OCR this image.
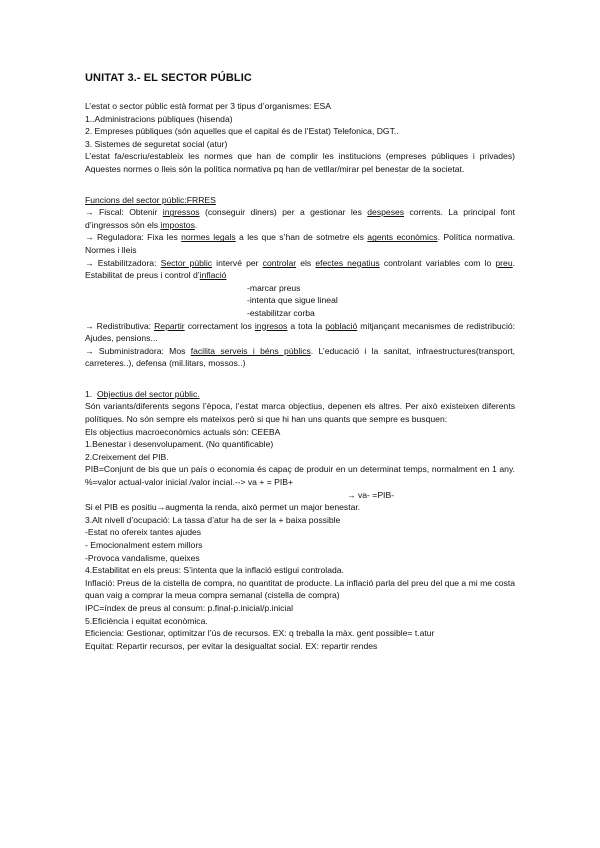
UNITAT 3.- EL SECTOR PÚBLIC

L’estat o sector públic està format per 3 tipus d’organismes: ESA

1..Administracions públiques (hisenda)

2. Empreses públiques (són aquelles que el capital és de l’Estat) Telefonica, DGT..

3. Sistemes de seguretat social (atur)

L’estat fa/escriu/estableix les normes que han de complir les institucions (empreses públiques i privades) Aquestes normes o lleis són la política normativa pq han de vetllar/mirar pel benestar de la societat.

Funcions del sector públic:FRRES

→ Fiscal: Obtenir ingressos (conseguir diners) per a gestionar les despeses corrents. La principal font d’ingressos són els impostos.

→ Reguladora: Fixa les normes legals a les que s’han de sotmetre els agents econòmics. Política normativa. Normes i lleis

→ Estabilitzadora: Sector públic intervé per controlar els efectes negatius controlant variables com lo preu. Estabilitat de preus i control d’inflació

-marcar preus

-intenta que sigue lineal

-estabilitzar corba

→ Redistributiva: Repartir correctament los ingresos a tota la població mitjançant mecanismes de redistribució: Ajudes, pensions...

→ Subministradora: Mos facilita serveis i béns públics. L’educació i la sanitat, infraestructures(transport, carreteres..), defensa (mil.litars, mossos..)

1. Objectius del sector públic.

Són variants/diferents segons l’època, l’estat marca objectius, depenen els altres. Per això existeixen diferents polítiques. No són sempre els mateixos però si que hi han uns quants que sempre es busquen:

Els objectius macroeconòmics actuals són: CEEBA

1.Benestar i desenvolupament. (No quantificable)

2.Creixement del PIB.

PIB=Conjunt de bis que un país o economia és capaç de produir en un determinat temps, normalment en 1 any. %=valor actual-valor inicial /valor incial.--> va + = PIB+

→ va- =PIB-

Si el PIB es positiu→augmenta la renda, això permet un major benestar.

3.Alt nivell d’ocupació: La tassa d’atur ha de ser la + baixa possible

-Estat no ofereix tantes ajudes

- Emocionalment estem millors

-Provoca vandalisme, queixes

4.Estabilitat en els preus: S’intenta que la inflació estigui controlada.

Inflació: Preus de la cistella de compra, no quantitat de producte. La inflació parla del preu del que a mi me costa quan vaig a comprar la meua compra semanal (cistella de compra)

IPC=índex de preus al consum: p.final-p.inicial/p.inicial

5.Eficiència i equitat econòmica.

Eficiencia: Gestionar, optimitzar l’ús de recursos. EX: q treballa la màx. gent possible= t.atur

Equitat: Repartir recursos, per evitar la desigualtat social. EX: repartir rendes
